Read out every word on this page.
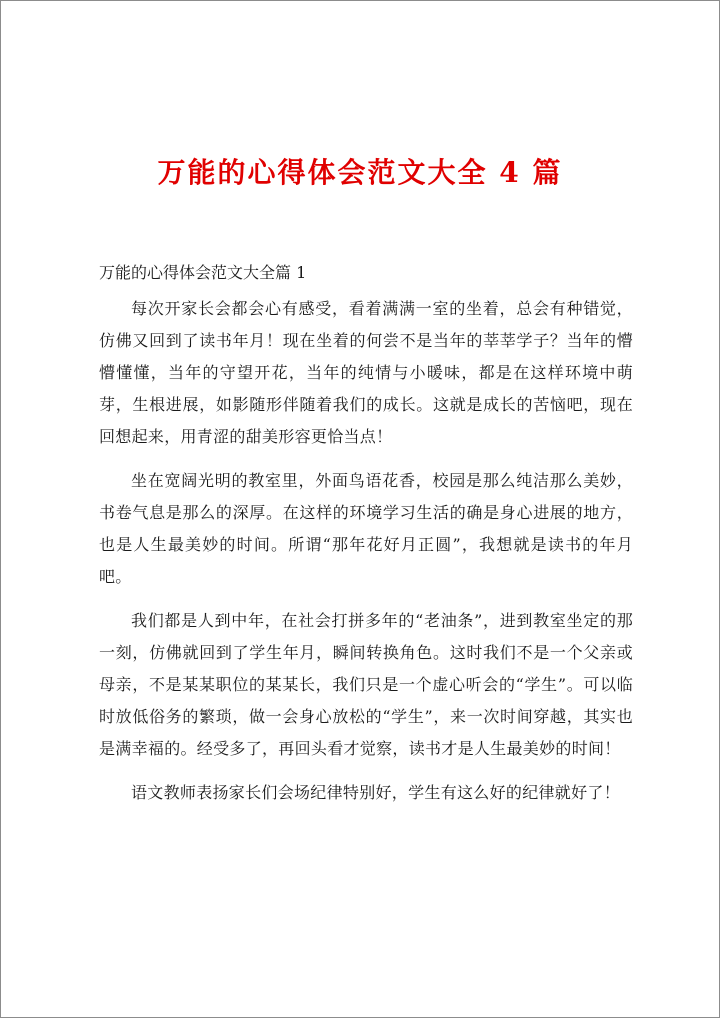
万能的心得体会范文大全 4 篇

万能的心得体会范文大全篇 1

每次开家长会都会心有感受，看着满满一室的坐着，总会有种错觉，仿佛又回到了读书年月！现在坐着的何尝不是当年的莘莘学子？当年的懵懵懂懂，当年的守望开花，当年的纯情与小暖味，都是在这样环境中萌芽，生根进展，如影随形伴随着我们的成长。这就是成长的苦恼吧，现在回想起来，用青涩的甜美形容更恰当点！

坐在宽阔光明的教室里，外面鸟语花香，校园是那么纯洁那么美妙，书卷气息是那么的深厚。在这样的环境学习生活的确是身心进展的地方，也是人生最美妙的时间。所谓“那年花好月正圆”，我想就是读书的年月吧。

我们都是人到中年，在社会打拼多年的“老油条”，进到教室坐定的那一刻，仿佛就回到了学生年月，瞬间转换角色。这时我们不是一个父亲或母亲，不是某某职位的某某长，我们只是一个虚心听会的“学生”。可以临时放低俗务的繁琐，做一会身心放松的“学生”，来一次时间穿越，其实也是满幸福的。经受多了，再回头看才觉察，读书才是人生最美妙的时间！

语文教师表扬家长们会场纪律特别好，学生有这么好的纪律就好了！
